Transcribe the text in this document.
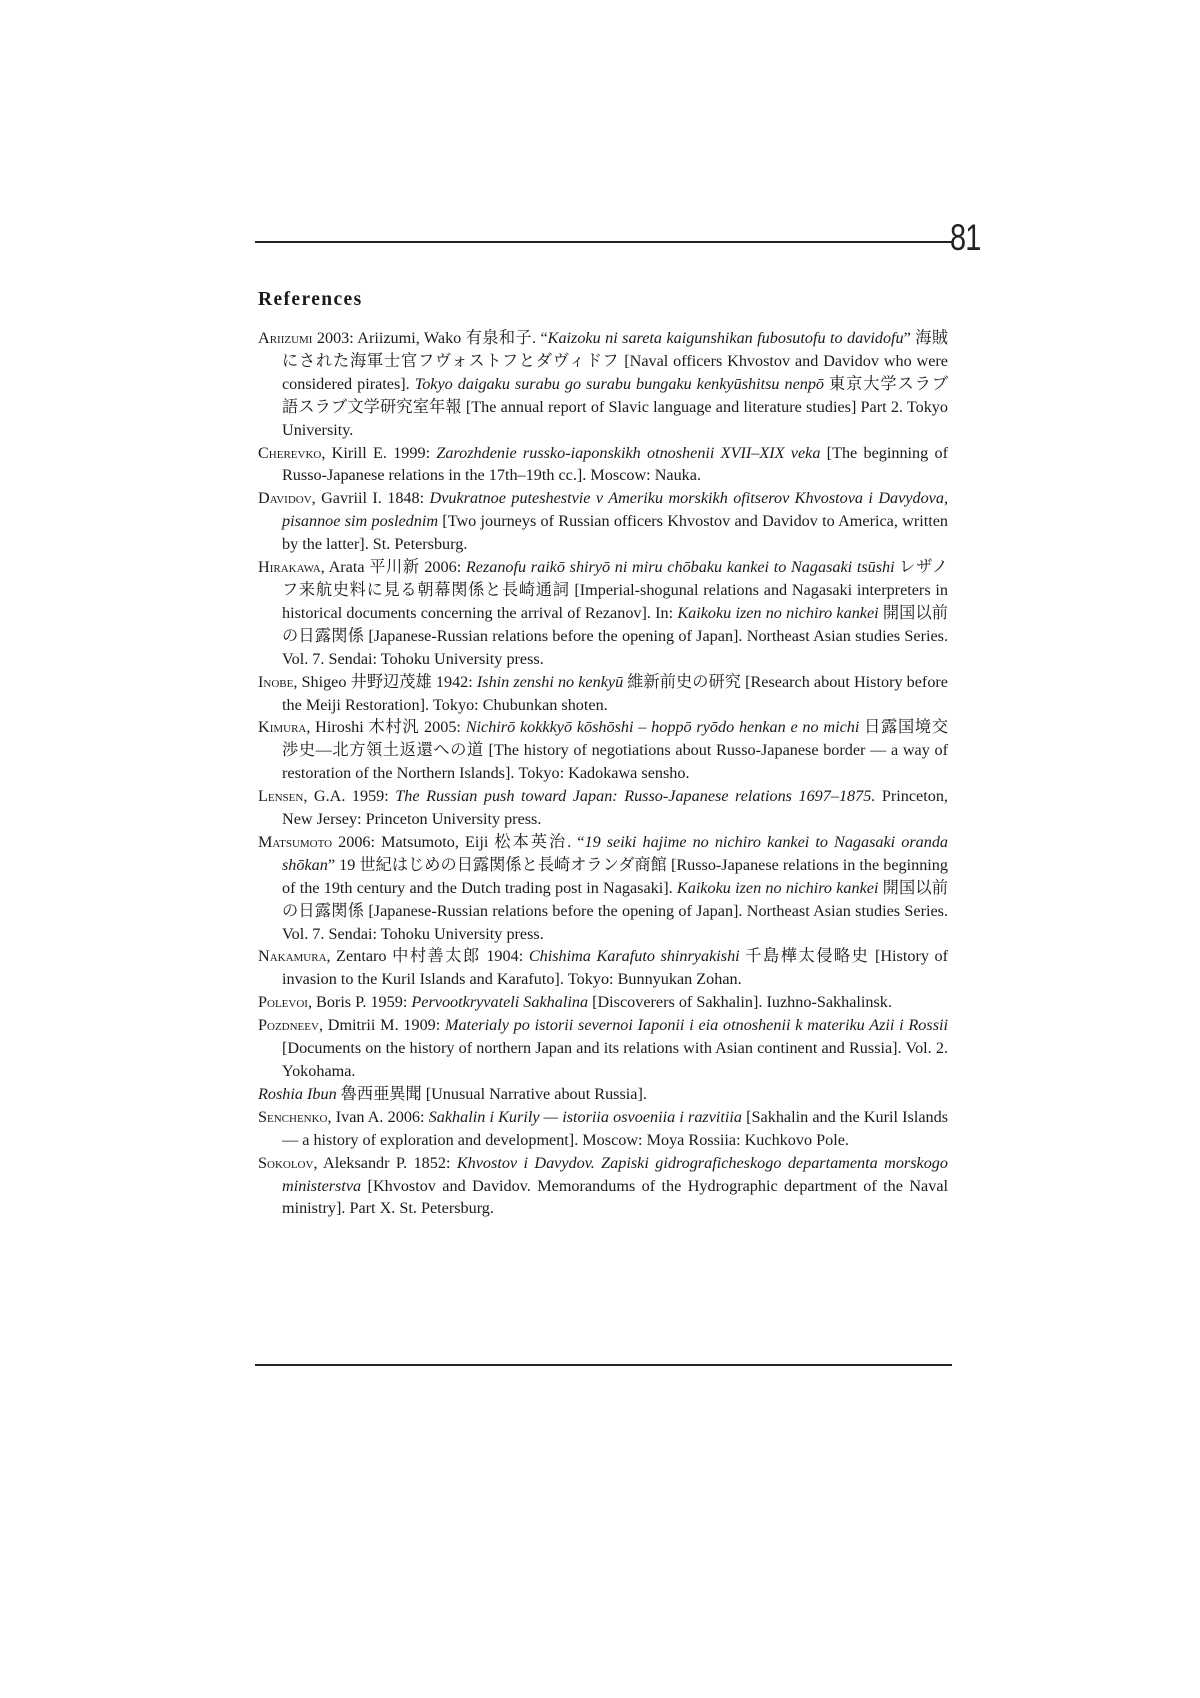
81
References

Ariizumi 2003: Ariizumi, Wako 有泉和子. “Kaizoku ni sareta kaigunshikan fubosutofu to davidofu” 海賊にされた海軍士官フヴォストフとダヴィドフ [Naval officers Khvostov and Davidov who were considered pirates]. Tokyo daigaku surabu go surabu bungaku kenkyūshitsu nenpō 東京大学スラブ語スラブ文学研究室年報 [The annual report of Slavic language and literature studies] Part 2. Tokyo University.

Cherevko, Kirill E. 1999: Zarozhdenie russko-iaponskikh otnoshenii XVII–XIX veka [The beginning of Russo-Japanese relations in the 17th–19th cc.]. Moscow: Nauka.

Davidov, Gavriil I. 1848: Dvukratnoe puteshestvie v Ameriku morskikh ofitserov Khvostova i Davydova, pisannoe sim poslednim [Two journeys of Russian officers Khvostov and Davidov to America, written by the latter]. St. Petersburg.

Hirakawa, Arata 平川新 2006: Rezanofu raikō shiryō ni miru chōbaku kankei to Nagasaki tsūshi レザノフ来航史料に見る朝幕関係と長崎通詞 [Imperial-shogunal relations and Nagasaki interpreters in historical documents concerning the arrival of Rezanov]. In: Kaikoku izen no nichiro kankei 開国以前の日露関係 [Japanese-Russian relations before the opening of Japan]. Northeast Asian studies Series. Vol. 7. Sendai: Tohoku University press.

Inobe, Shigeo 井野辺茂雄 1942: Ishin zenshi no kenkyū 維新前史の研究 [Research about History before the Meiji Restoration]. Tokyo: Chubunkan shoten.

Kimura, Hiroshi 木村汎 2005: Nichirō kokkkyō kōshōshi – hoppō ryōdo henkan e no michi 日露国境交渉史—北方領土返還への道 [The history of negotiations about Russo-Japanese border — a way of restoration of the Northern Islands]. Tokyo: Kadokawa sensho.

Lensen, G.A. 1959: The Russian push toward Japan: Russo-Japanese relations 1697–1875. Princeton, New Jersey: Princeton University press.

Matsumoto 2006: Matsumoto, Eiji 松本英治. “19 seiki hajime no nichiro kankei to Nagasaki oranda shōkan” 19 世紀はじめの日露関係と長崎オランダ商館 [Russo-Japanese relations in the beginning of the 19th century and the Dutch trading post in Nagasaki]. Kaikoku izen no nichiro kankei 開国以前の日露関係 [Japanese-Russian relations before the opening of Japan]. Northeast Asian studies Series. Vol. 7. Sendai: Tohoku University press.

Nakamura, Zentaro 中村善太郎 1904: Chishima Karafuto shinryakishi 千島樺太侵略史 [History of invasion to the Kuril Islands and Karafuto]. Tokyo: Bunnyukan Zohan.

Polevoi, Boris P. 1959: Pervootkryvateli Sakhalina [Discoverers of Sakhalin]. Iuzhno-Sakhalinsk.

Pozdneev, Dmitrii M. 1909: Materialy po istorii severnoi Iaponii i eia otnoshenii k materiku Azii i Rossii [Documents on the history of northern Japan and its relations with Asian continent and Russia]. Vol. 2. Yokohama.

Roshia Ibun 魯西亜異聞 [Unusual Narrative about Russia].

Senchenko, Ivan A. 2006: Sakhalin i Kurily — istoriia osvoeniia i razvitiia [Sakhalin and the Kuril Islands — a history of exploration and development]. Moscow: Moya Rossiia: Kuchkovo Pole.

Sokolov, Aleksandr P. 1852: Khvostov i Davydov. Zapiski gidrograficheskogo departamenta morskogo ministerstva [Khvostov and Davidov. Memorandums of the Hydrographic department of the Naval ministry]. Part X. St. Petersburg.
